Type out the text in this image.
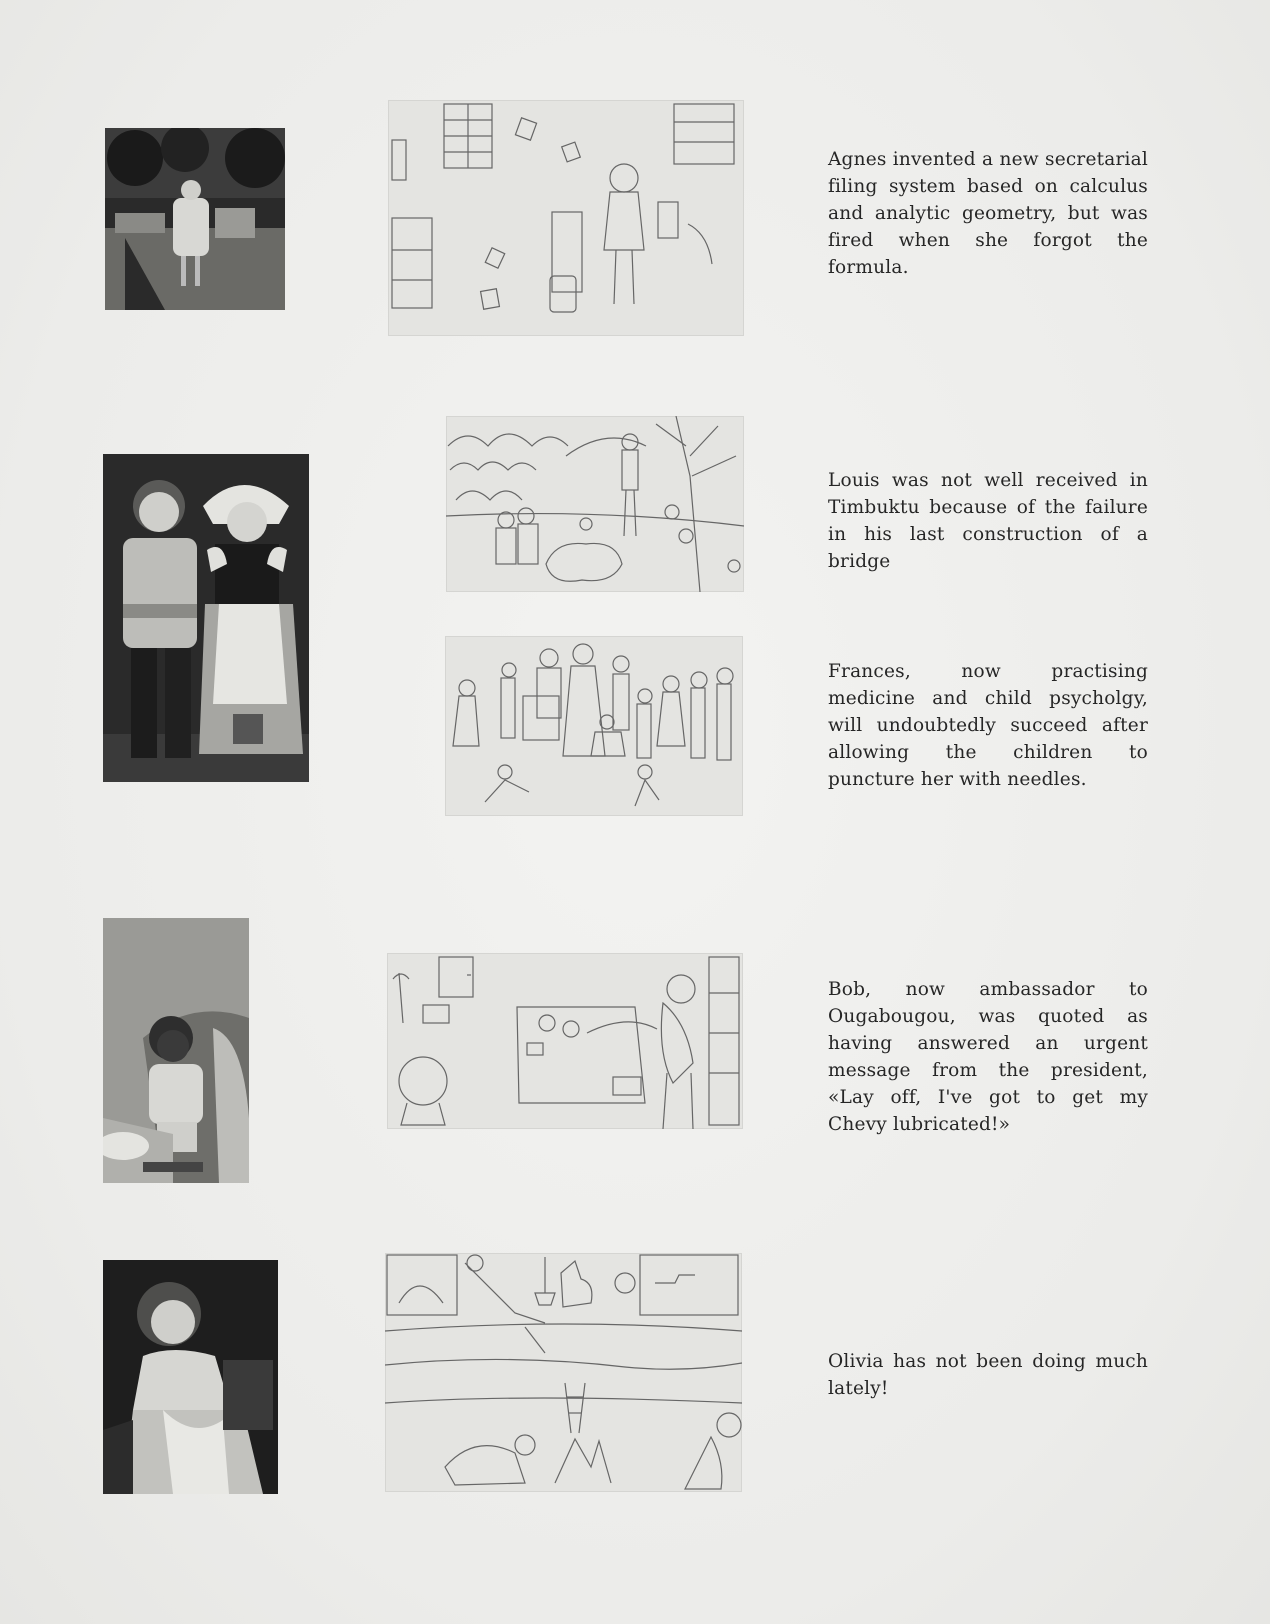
Agnes invented a new secretarial filing system based on calculus and analytic geometry, but was fired when she forgot the formula.

Louis was not well received in Timbuktu because of the failure in his last construction of a bridge

Frances, now practising medicine and child psycholgy, will undoubtedly succeed after allowing the children to puncture her with needles.

Bob, now ambassador to Ougabougou, was quoted as having answered an urgent message from the president, «Lay off, I've got to get my Chevy lubricated!»

Olivia has not been doing much lately!
